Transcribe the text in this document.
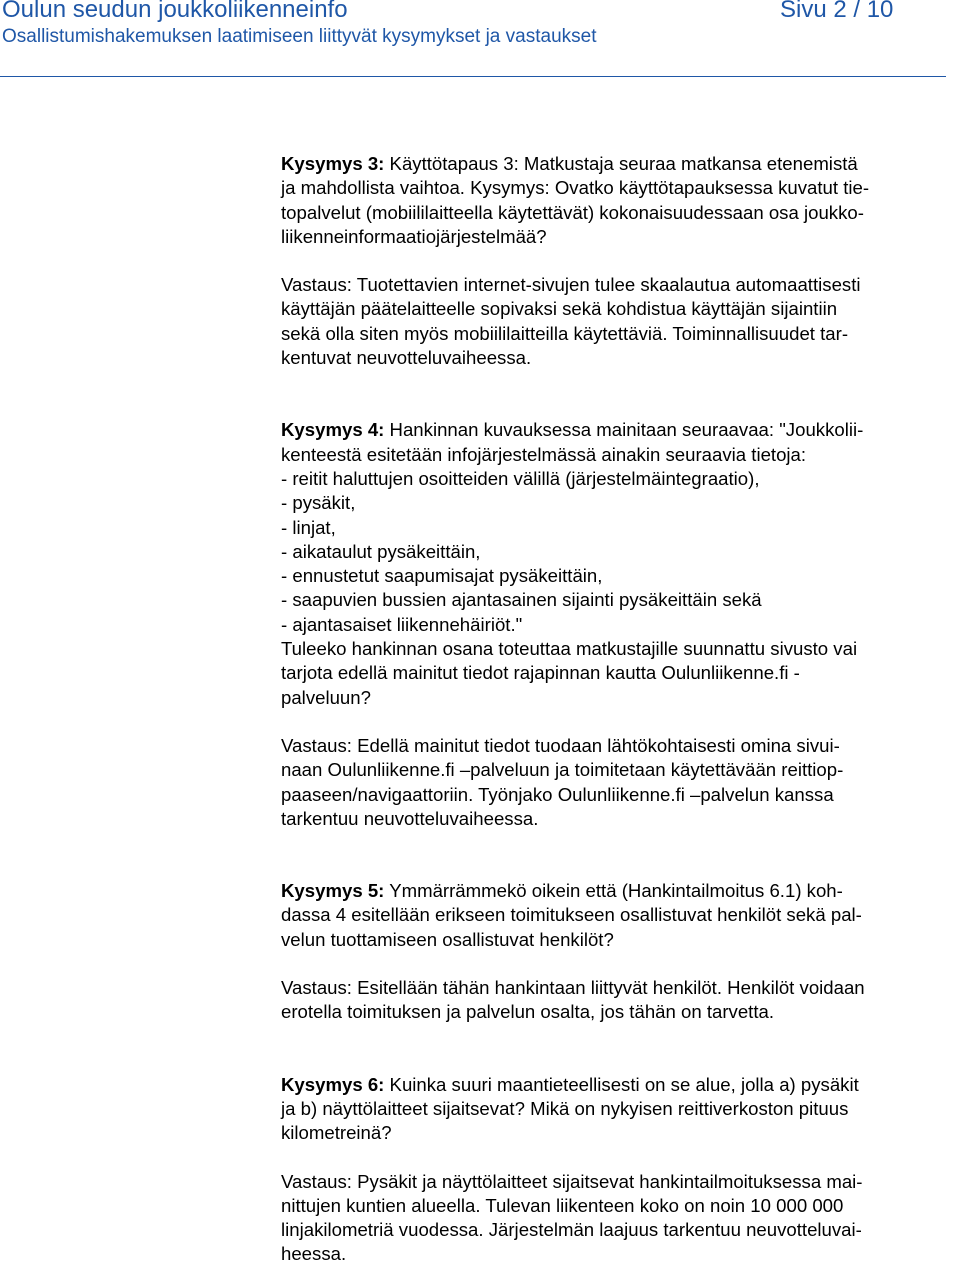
Oulun seudun joukkoliikenneinfo	Sivu 2 / 10
Osallistumishakemuksen laatimiseen liittyvät kysymykset ja vastaukset
Kysymys 3: Käyttötapaus 3: Matkustaja seuraa matkansa etenemistä
ja mahdollista vaihtoa. Kysymys: Ovatko käyttötapauksessa kuvatut tie-
topalvelut (mobiililaitteella käytettävät) kokonaisuudessaan osa joukko-
liikenneinformaatiojärjestelmää?
Vastaus: Tuotettavien internet-sivujen tulee skaalautua automaattisesti
käyttäjän päätelaitteelle sopivaksi sekä kohdistua käyttäjän sijaintiin
sekä olla siten myös mobiililaitteilla käytettäviä. Toiminnallisuudet tar-
kentuvat neuvotteluvaiheessa.
Kysymys 4: Hankinnan kuvauksessa mainitaan seuraavaa: "Joukkolii-
kenteestä esitetään infojärjestelmässä ainakin seuraavia tietoja:
- reitit haluttujen osoitteiden välillä (järjestelmäintegraatio),
- pysäkit,
- linjat,
- aikataulut pysäkeittäin,
- ennustetut saapumisajat pysäkeittäin,
- saapuvien bussien ajantasainen sijainti pysäkeittäin sekä
- ajantasaiset liikennehäiriöt."
Tuleeko hankinnan osana toteuttaa matkustajille suunnattu sivusto vai
tarjota edellä mainitut tiedot rajapinnan kautta Oulunliikenne.fi -
palveluun?
Vastaus: Edellä mainitut tiedot tuodaan lähtökohtaisesti omina sivui-
naan Oulunliikenne.fi –palveluun ja toimitetaan käytettävään reittiop-
paaseen/navigaattoriin. Työnjako Oulunliikenne.fi –palvelun kanssa
tarkentuu neuvotteluvaiheessa.
Kysymys 5: Ymmärrämmekö oikein että (Hankintailmoitus 6.1) koh-
dassa 4 esitellään erikseen toimitukseen osallistuvat henkilöt sekä pal-
velun tuottamiseen osallistuvat henkilöt?
Vastaus: Esitellään tähän hankintaan liittyvät henkilöt. Henkilöt voidaan
erotella toimituksen ja palvelun osalta, jos tähän on tarvetta.
Kysymys 6: Kuinka suuri maantieteellisesti on se alue, jolla a) pysäkit
ja b) näyttölaitteet sijaitsevat? Mikä on nykyisen reittiverkoston pituus
kilometreinä?
Vastaus: Pysäkit ja näyttölaitteet sijaitsevat hankintailmoituksessa mai-
nittujen kuntien alueella. Tulevan liikenteen koko on noin 10 000 000
linjakilometriä vuodessa. Järjestelmän laajuus tarkentuu neuvotteluvai-
heessa.
